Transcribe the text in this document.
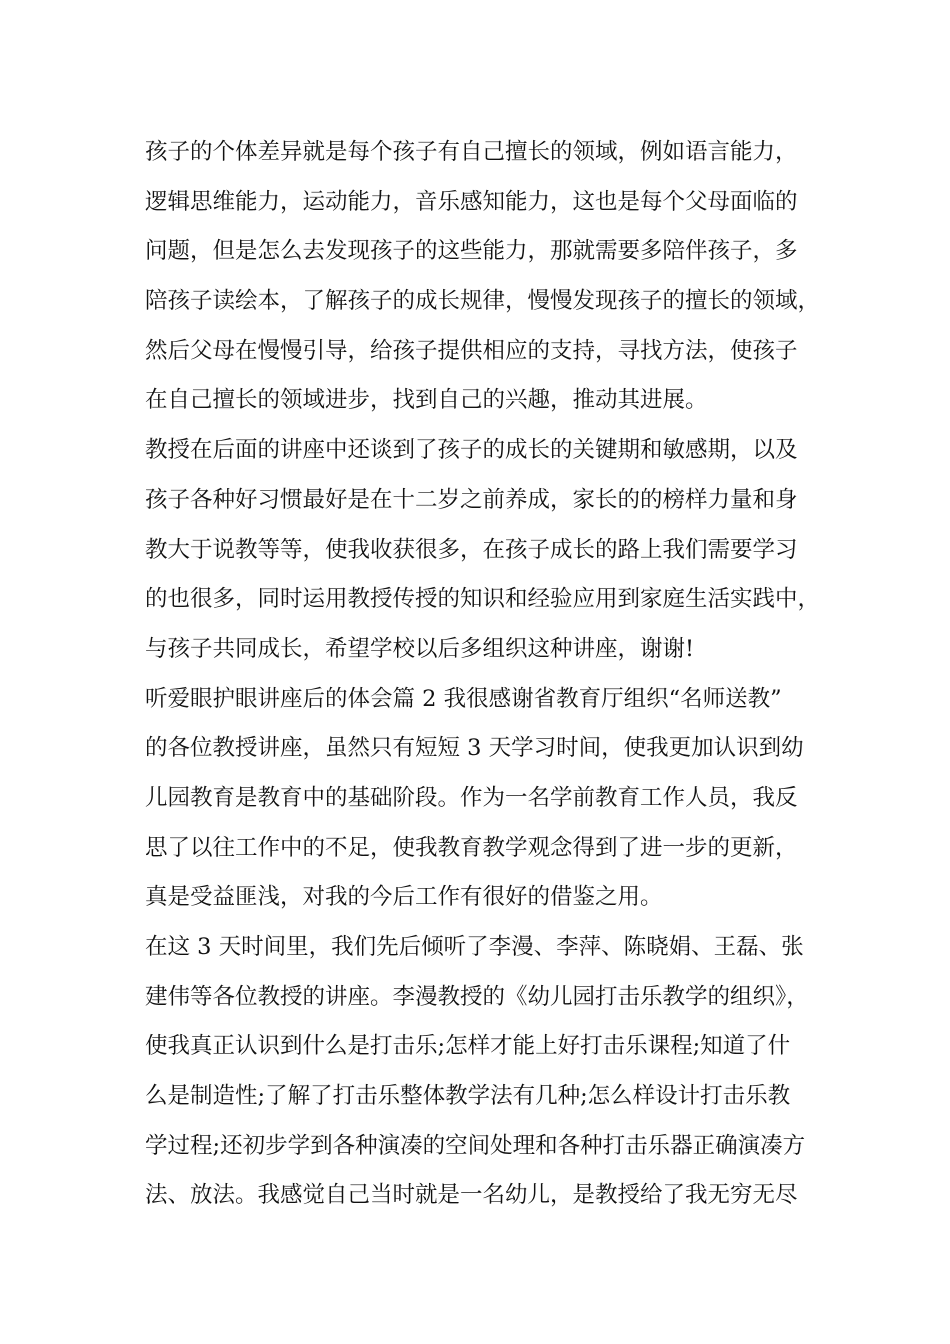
孩子的个体差异就是每个孩子有自己擅长的领域，例如语言能力，
逻辑思维能力，运动能力，音乐感知能力，这也是每个父母面临的
问题，但是怎么去发现孩子的这些能力，那就需要多陪伴孩子，多
陪孩子读绘本，了解孩子的成长规律，慢慢发现孩子的擅长的领域，
然后父母在慢慢引导，给孩子提供相应的支持，寻找方法，使孩子
在自己擅长的领域进步，找到自己的兴趣，推动其进展。
教授在后面的讲座中还谈到了孩子的成长的关键期和敏感期，以及
孩子各种好习惯最好是在十二岁之前养成，家长的的榜样力量和身
教大于说教等等，使我收获很多，在孩子成长的路上我们需要学习
的也很多，同时运用教授传授的知识和经验应用到家庭生活实践中，
与孩子共同成长，希望学校以后多组织这种讲座，谢谢!
听爱眼护眼讲座后的体会篇 2 我很感谢省教育厅组织“名师送教”
的各位教授讲座，虽然只有短短 3 天学习时间，使我更加认识到幼
儿园教育是教育中的基础阶段。作为一名学前教育工作人员，我反
思了以往工作中的不足，使我教育教学观念得到了进一步的更新，
真是受益匪浅，对我的今后工作有很好的借鉴之用。
在这 3 天时间里，我们先后倾听了李漫、李萍、陈晓娟、王磊、张
建伟等各位教授的讲座。李漫教授的《幼儿园打击乐教学的组织》，
使我真正认识到什么是打击乐;怎样才能上好打击乐课程;知道了什
么是制造性;了解了打击乐整体教学法有几种;怎么样设计打击乐教
学过程;还初步学到各种演凑的空间处理和各种打击乐器正确演凑方
法、放法。我感觉自己当时就是一名幼儿，是教授给了我无穷无尽
